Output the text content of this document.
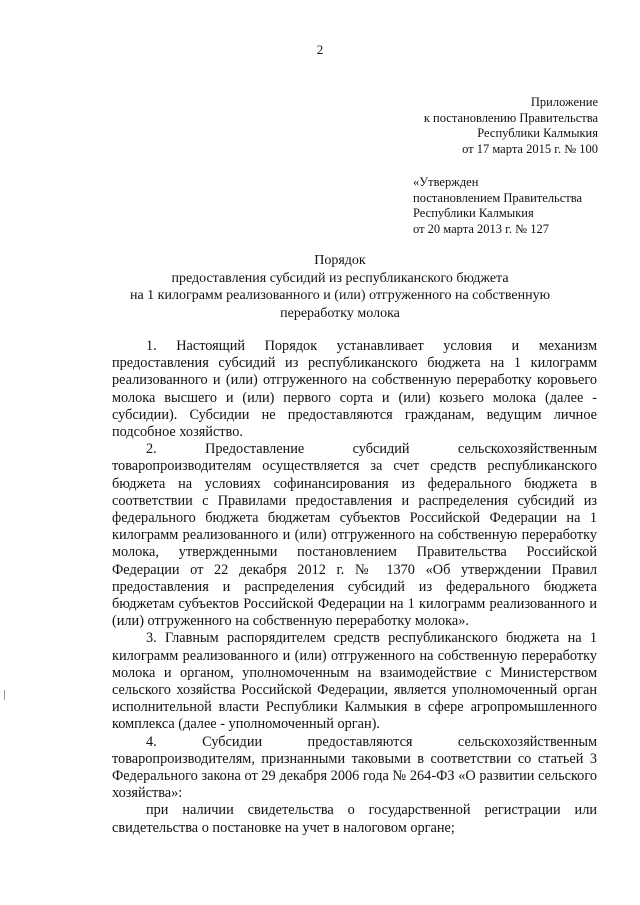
2
Приложение
к постановлению Правительства
Республики Калмыкия
от 17 марта 2015 г. № 100
«Утвержден
постановлением Правительства
Республики Калмыкия
от 20 марта 2013 г. № 127
Порядок
предоставления субсидий из республиканского бюджета
на 1 килограмм реализованного и (или) отгруженного на собственную
переработку молока

1. Настоящий Порядок устанавливает условия и механизм предоставления субсидий из республиканского бюджета на 1 килограмм реализованного и (или) отгруженного на собственную переработку коровьего молока высшего и (или) первого сорта и (или) козьего молока (далее - субсидии). Субсидии не предоставляются гражданам, ведущим личное подсобное хозяйство.

2. Предоставление субсидий сельскохозяйственным товаропроизводителям осуществляется за счет средств республиканского бюджета на условиях софинансирования из федерального бюджета в соответствии с Правилами предоставления и распределения субсидий из федерального бюджета бюджетам субъектов Российской Федерации на 1 килограмм реализованного и (или) отгруженного на собственную переработку молока, утвержденными постановлением Правительства Российской Федерации от 22 декабря 2012 г. № 1370 «Об утверждении Правил предоставления и распределения субсидий из федерального бюджета бюджетам субъектов Российской Федерации на 1 килограмм реализованного и (или) отгруженного на собственную переработку молока».

3. Главным распорядителем средств республиканского бюджета на 1 килограмм реализованного и (или) отгруженного на собственную переработку молока и органом, уполномоченным на взаимодействие с Министерством сельского хозяйства Российской Федерации, является уполномоченный орган исполнительной власти Республики Калмыкия в сфере агропромышленного комплекса (далее - уполномоченный орган).

4. Субсидии предоставляются сельскохозяйственным товаропроизводителям, признанными таковыми в соответствии со статьей 3 Федерального закона от 29 декабря 2006 года № 264-ФЗ «О развитии сельского хозяйства»:

при наличии свидетельства о государственной регистрации или свидетельства о постановке на учет в налоговом органе;
